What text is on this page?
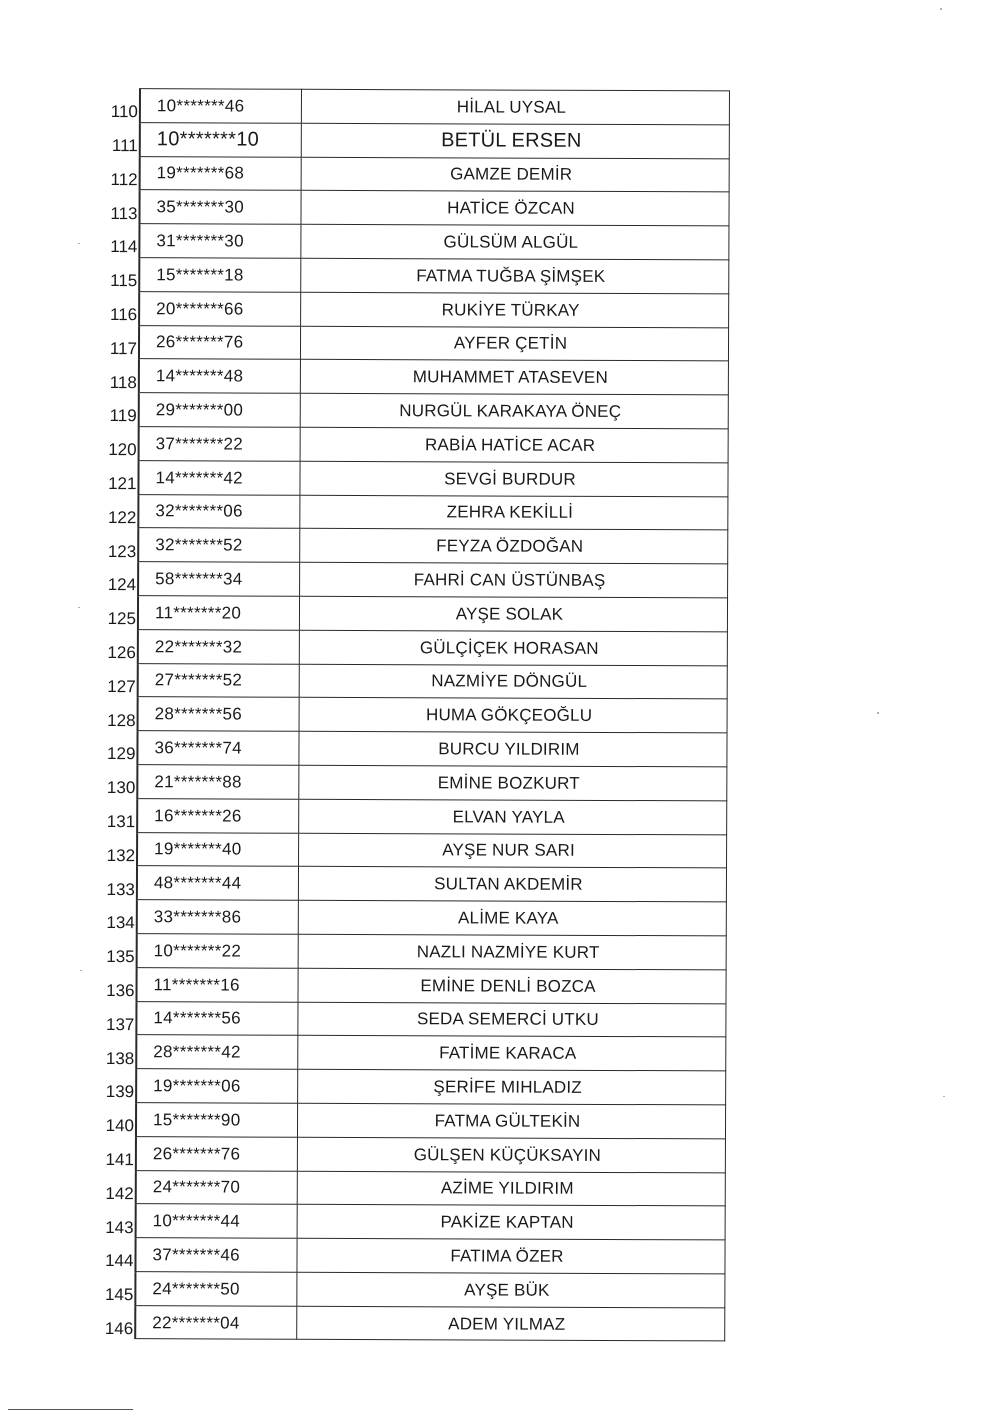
110	10*******46	HİLAL UYSAL
111	10*******10	BETÜL ERSEN
112	19*******68	GAMZE DEMİR
113	35*******30	HATİCE ÖZCAN
114	31*******30	GÜLSÜM ALGÜL
115	15*******18	FATMA TUĞBA ŞİMŞEK
116	20*******66	RUKİYE TÜRKAY
117	26*******76	AYFER ÇETİN
118	14*******48	MUHAMMET ATASEVEN
119	29*******00	NURGÜL KARAKAYA ÖNEÇ
120	37*******22	RABİA HATİCE ACAR
121	14*******42	SEVGİ BURDUR
122	32*******06	ZEHRA KEKİLLİ
123	32*******52	FEYZA ÖZDOĞAN
124	58*******34	FAHRİ CAN ÜSTÜNBAŞ
125	11*******20	AYŞE SOLAK
126	22*******32	GÜLÇİÇEK HORASAN
127	27*******52	NAZMİYE DÖNGÜL
128	28*******56	HUMA GÖKÇEOĞLU
129	36*******74	BURCU YILDIRIM
130	21*******88	EMİNE BOZKURT
131	16*******26	ELVAN YAYLA
132	19*******40	AYŞE NUR SARI
133	48*******44	SULTAN AKDEMİR
134	33*******86	ALİME KAYA
135	10*******22	NAZLI NAZMİYE KURT
136	11*******16	EMİNE DENLİ BOZCA
137	14*******56	SEDA SEMERCİ UTKU
138	28*******42	FATİME KARACA
139	19*******06	ŞERİFE MIHLADIZ
140	15*******90	FATMA GÜLTEKİN
141	26*******76	GÜLŞEN KÜÇÜKSAYIN
142	24*******70	AZİME YILDIRIM
143	10*******44	PAKİZE KAPTAN
144	37*******46	FATIMA ÖZER
145	24*******50	AYŞE BÜK
146	22*******04	ADEM YILMAZ
